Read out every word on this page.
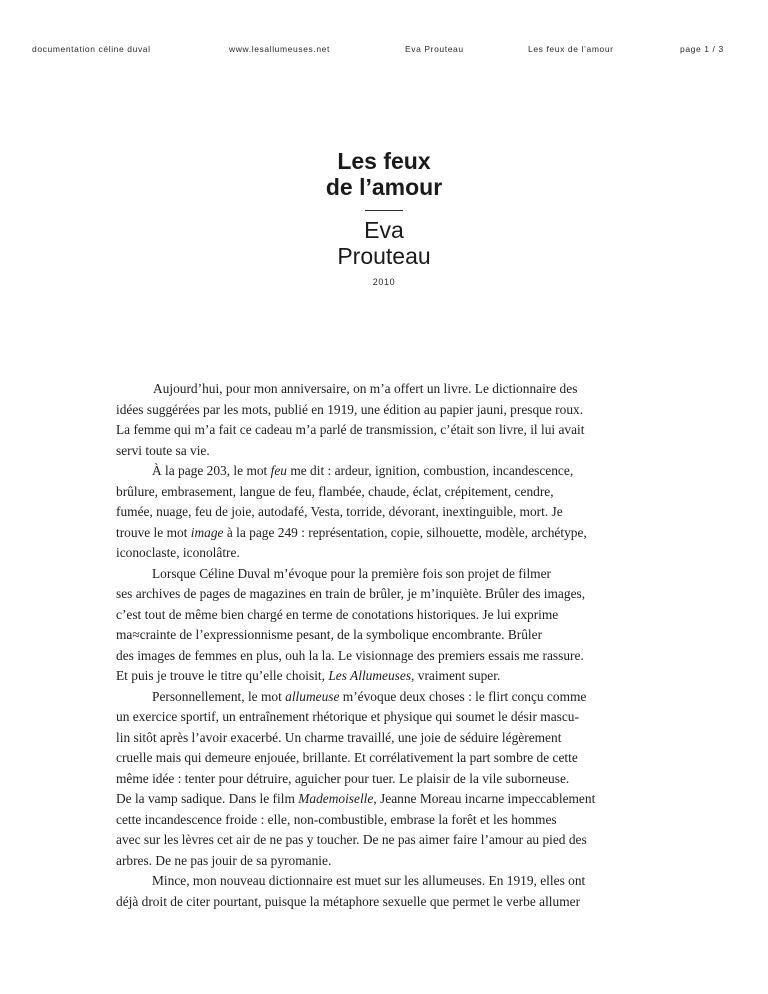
documentation céline duval	www.lesallumeuses.net	Eva Prouteau	Les feux de l’amour	page 1 / 3
Les feux
de l’amour
Eva
Prouteau
2010

Aujourd’hui, pour mon anniversaire, on m’a offert un livre. Le dictionnaire des
idées suggérées par les mots, publié en 1919, une édition au papier jauni, presque roux.
La femme qui m’a fait ce cadeau m’a parlé de transmission, c’était son livre, il lui avait
servi toute sa vie.

À la page 203, le mot feu me dit : ardeur, ignition, combustion, incandescence,
brûlure, embrasement, langue de feu, flambée, chaude, éclat, crépitement, cendre,
fumée, nuage, feu de joie, autodafé, Vesta, torride, dévorant, inextinguible, mort. Je
trouve le mot image à la page 249 : représentation, copie, silhouette, modèle, archétype,
iconoclaste, iconolâtre.

Lorsque Céline Duval m’évoque pour la première fois son projet de filmer
ses archives de pages de magazines en train de brûler, je m’inquiète. Brûler des images,
c’est tout de même bien chargé en terme de conotations historiques. Je lui exprime
ma≈crainte de l’expressionnisme pesant, de la symbolique encombrante. Brûler
des images de femmes en plus, ouh la la. Le visionnage des premiers essais me rassure.
Et puis je trouve le titre qu’elle choisit, Les Allumeuses, vraiment super.

Personnellement, le mot allumeuse m’évoque deux choses : le flirt conçu comme
un exercice sportif, un entraînement rhétorique et physique qui soumet le désir mascu-
lin sitôt après l’avoir exacerbé. Un charme travaillé, une joie de séduire légèrement
cruelle mais qui demeure enjouée, brillante. Et corrélativement la part sombre de cette
même idée : tenter pour détruire, aguicher pour tuer. Le plaisir de la vile suborneuse.
De la vamp sadique. Dans le film Mademoiselle, Jeanne Moreau incarne impeccablement
cette incandescence froide : elle, non-combustible, embrase la forêt et les hommes
avec sur les lèvres cet air de ne pas y toucher. De ne pas aimer faire l’amour au pied des
arbres. De ne pas jouir de sa pyromanie.

Mince, mon nouveau dictionnaire est muet sur les allumeuses. En 1919, elles ont
déjà droit de citer pourtant, puisque la métaphore sexuelle que permet le verbe allumer
